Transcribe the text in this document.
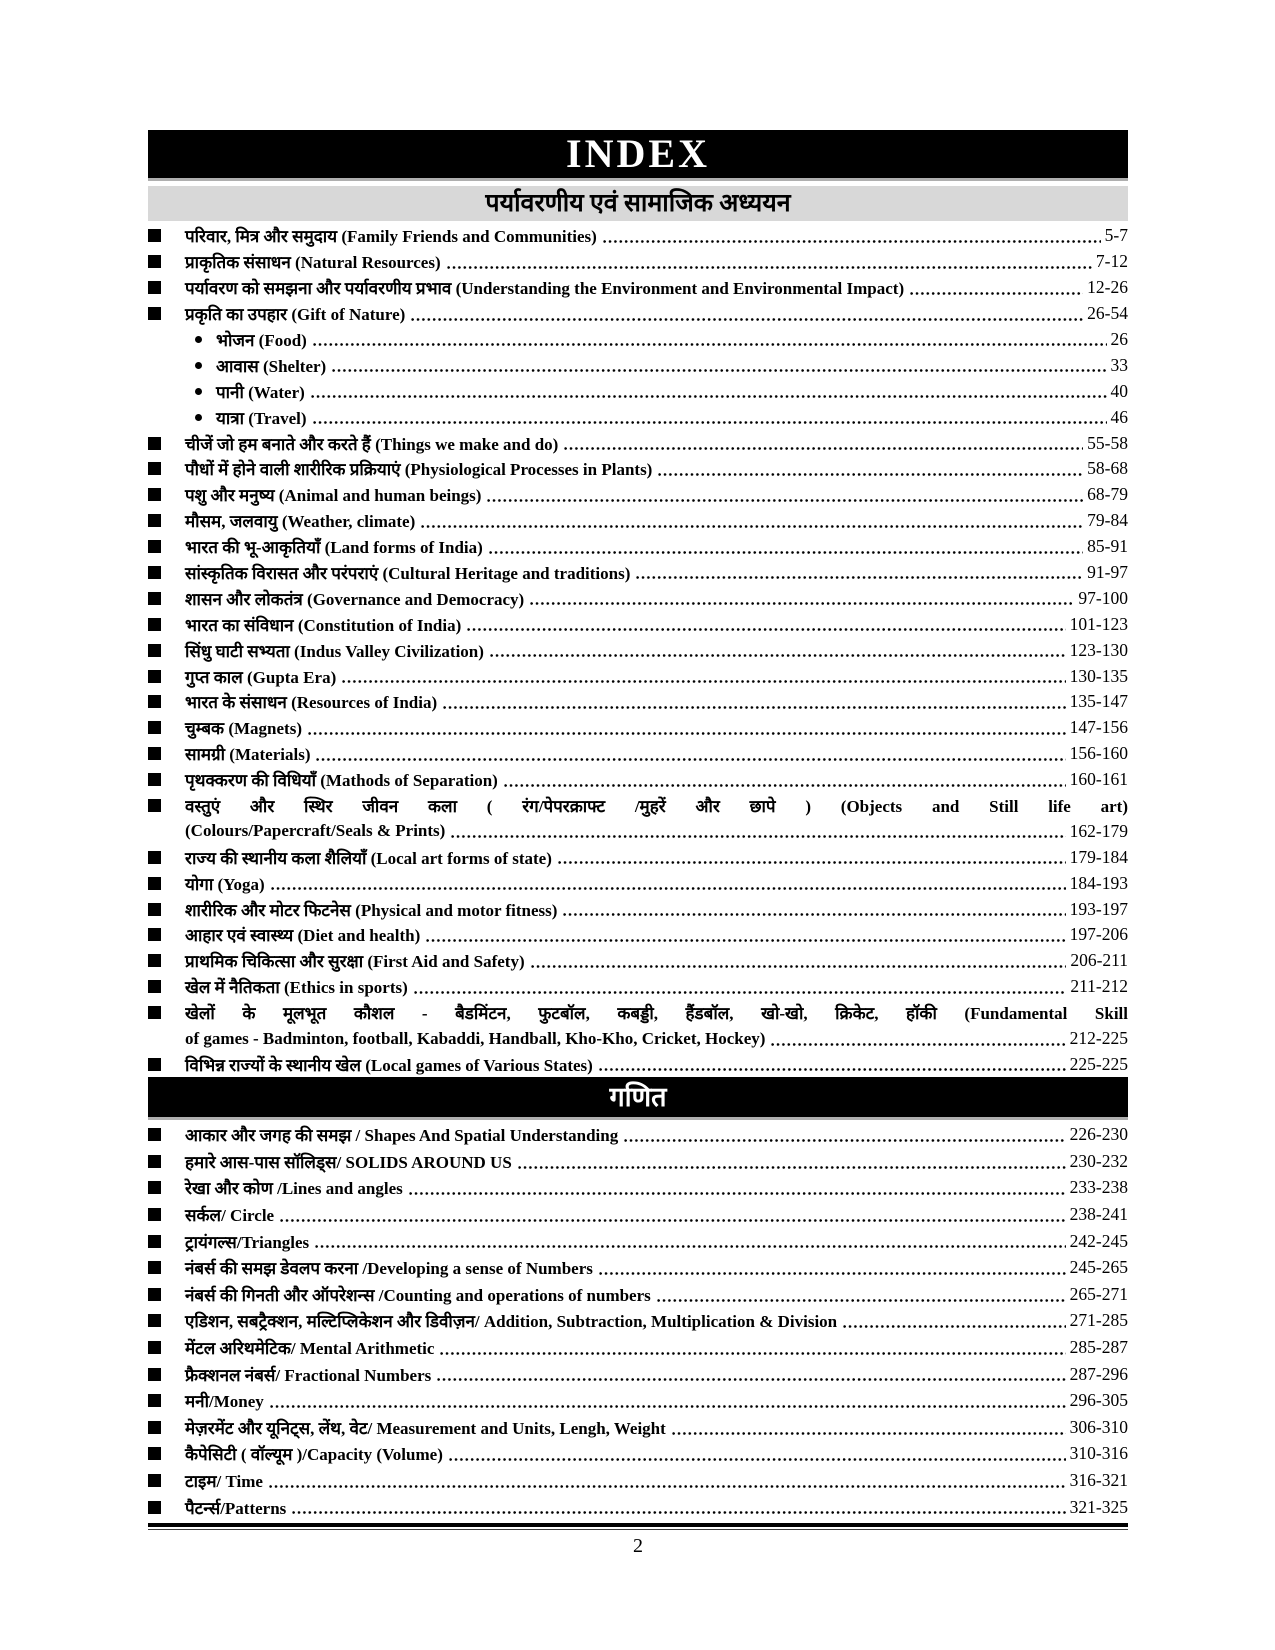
INDEX
पर्यावरणीय एवं सामाजिक अध्ययन
परिवार, मित्र और समुदाय (Family Friends and Communities)	5-7
प्राकृतिक संसाधन (Natural Resources)	7-12
पर्यावरण को समझना और पर्यावरणीय प्रभाव (Understanding the Environment and Environmental Impact)	12-26
प्रकृति का उपहार (Gift of Nature)	26-54
भोजन (Food)	26
आवास (Shelter)	33
पानी (Water)	40
यात्रा (Travel)	46
चीजें जो हम बनाते और करते हैं (Things we make and do)	55-58
पौधों में होने वाली शारीरिक प्रक्रियाएं (Physiological Processes in Plants)	58-68
पशु और मनुष्य (Animal and human beings)	68-79
मौसम, जलवायु (Weather, climate)	79-84
भारत की भू-आकृतियाँ (Land forms of India)	85-91
सांस्कृतिक विरासत और परंपराएं (Cultural Heritage and traditions)	91-97
शासन और लोकतंत्र (Governance and Democracy)	97-100
भारत का संविधान (Constitution of India)	101-123
सिंधु घाटी सभ्यता (Indus Valley Civilization)	123-130
गुप्त काल (Gupta Era)	130-135
भारत के संसाधन (Resources of India)	135-147
चुम्बक (Magnets)	147-156
सामग्री (Materials)	156-160
पृथक्करण की विधियाँ (Mathods of Separation)	160-161
वस्तुएं और स्थिर जीवन कला ( रंग/पेपरक्राफ्ट /मुहरें और छापे ) (Objects and Still life art)
(Colours/Papercraft/Seals & Prints)	162-179
राज्य की स्थानीय कला शैलियाँ (Local art forms of state)	179-184
योगा (Yoga)	184-193
शारीरिक और मोटर फिटनेस (Physical and motor fitness)	193-197
आहार एवं स्वास्थ्य (Diet and health)	197-206
प्राथमिक चिकित्सा और सुरक्षा (First Aid and Safety)	206-211
खेल में नैतिकता (Ethics in sports)	211-212
खेलों के मूलभूत कौशल - बैडमिंटन, फुटबॉल, कबड्डी, हैंडबॉल, खो-खो, क्रिकेट, हॉकी (Fundamental Skill
of games - Badminton, football, Kabaddi, Handball, Kho-Kho, Cricket, Hockey)	212-225
विभिन्न राज्यों के स्थानीय खेल (Local games of Various States)	225-225
गणित
आकार और जगह की समझ / Shapes And Spatial Understanding	226-230
हमारे आस-पास सॉलिड्स/ SOLIDS AROUND US	230-232
रेखा और कोण /Lines and angles	233-238
सर्कल/ Circle	238-241
ट्रायंगल्स/Triangles	242-245
नंबर्स की समझ डेवलप करना /Developing a sense of Numbers	245-265
नंबर्स की गिनती और ऑपरेशन्स /Counting and operations of numbers	265-271
एडिशन, सबट्रैक्शन, मल्टिप्लिकेशन और डिवीज़न/ Addition, Subtraction, Multiplication & Division	271-285
मेंटल अरिथमेटिक/ Mental Arithmetic	285-287
फ्रैक्शनल नंबर्स/ Fractional Numbers	287-296
मनी/Money	296-305
मेज़रमेंट और यूनिट्स, लेंथ, वेट/ Measurement and Units, Lengh, Weight	306-310
कैपेसिटी ( वॉल्यूम )/Capacity (Volume)	310-316
टाइम/ Time	316-321
पैटर्न्स/Patterns	321-325
2
